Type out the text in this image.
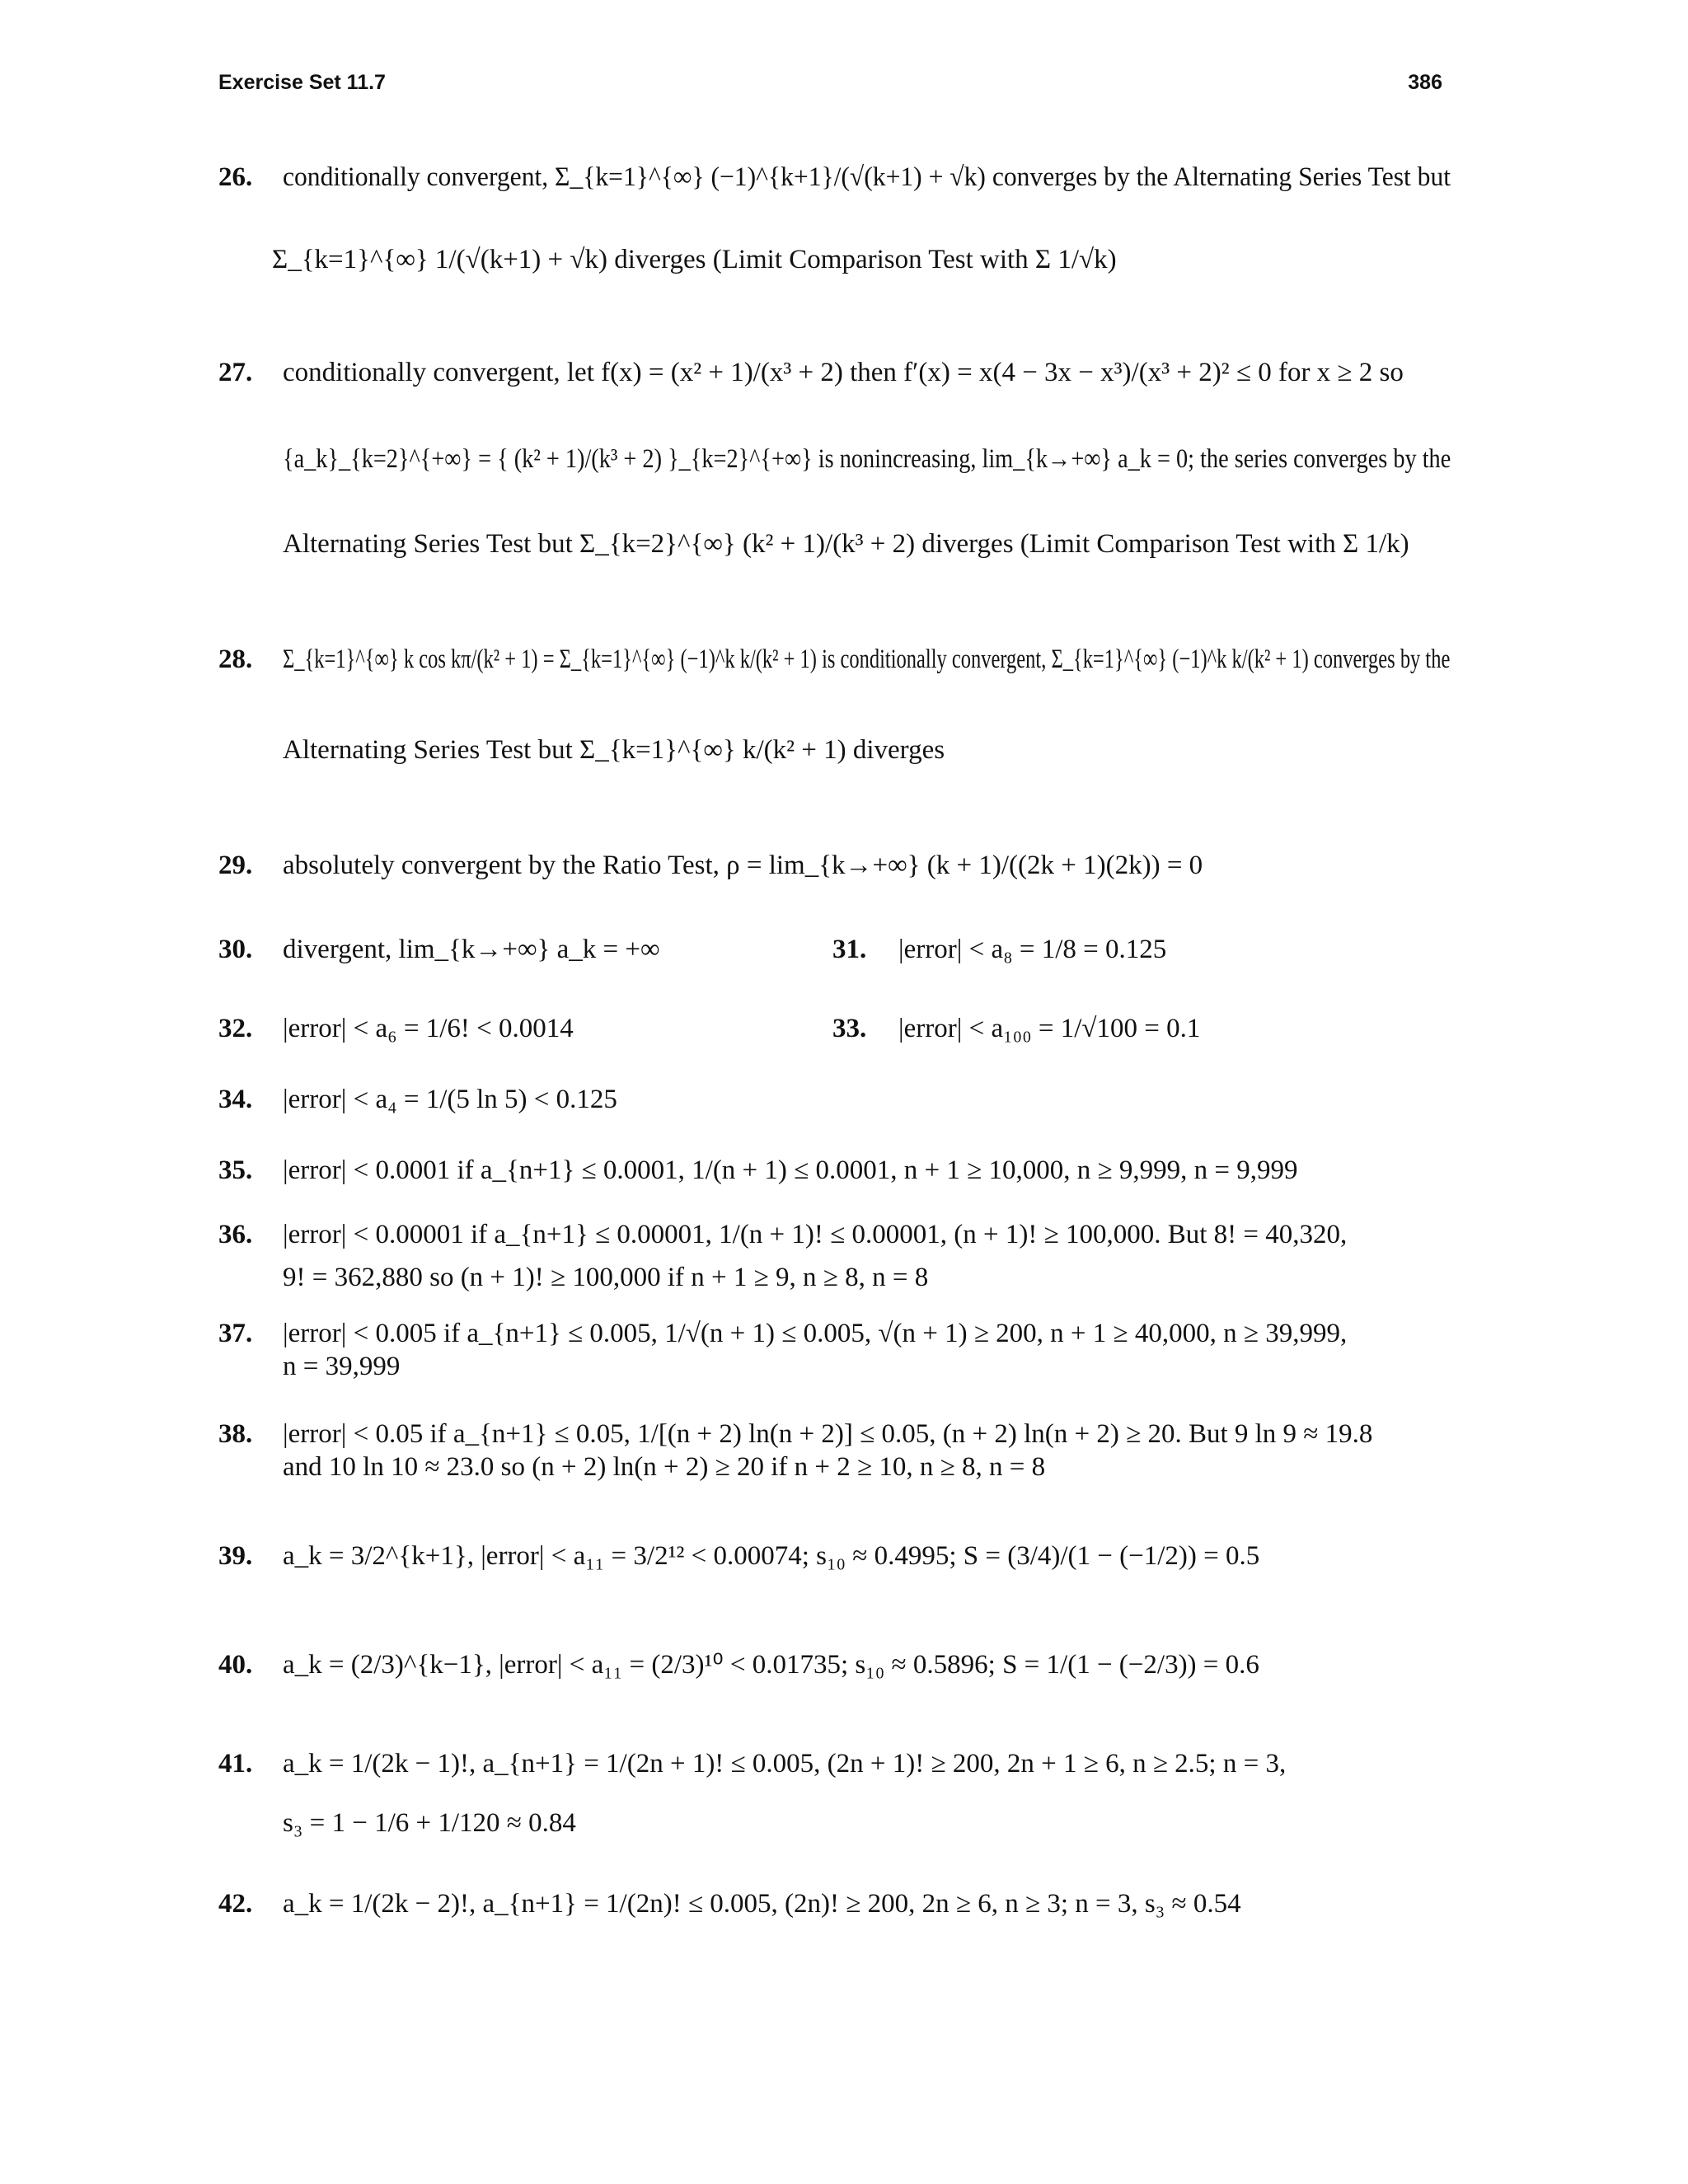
Exercise Set 11.7	386
26. conditionally convergent, Σ_{k=1}^{∞} (−1)^{k+1}/(√(k+1) + √k) converges by the Alternating Series Test but
Σ_{k=1}^{∞} 1/(√(k+1) + √k) diverges (Limit Comparison Test with Σ 1/√k)
27. conditionally convergent, let f(x) = (x² + 1)/(x³ + 2) then f′(x) = x(4 − 3x − x³)/(x³ + 2)² ≤ 0 for x ≥ 2 so
{a_k}_{k=2}^{+∞} = { (k² + 1)/(k³ + 2) }_{k=2}^{+∞} is nonincreasing, lim_{k→+∞} a_k = 0; the series converges by the
Alternating Series Test but Σ_{k=2}^{∞} (k² + 1)/(k³ + 2) diverges (Limit Comparison Test with Σ 1/k)
28. Σ_{k=1}^{∞} k cos kπ/(k² + 1) = Σ_{k=1}^{∞} (−1)^k k/(k² + 1) is conditionally convergent, Σ_{k=1}^{∞} (−1)^k k/(k² + 1) converges by the
Alternating Series Test but Σ_{k=1}^{∞} k/(k² + 1) diverges
29. absolutely convergent by the Ratio Test, ρ = lim_{k→+∞} (k + 1)/((2k + 1)(2k)) = 0
30. divergent, lim_{k→+∞} a_k = +∞	31. |error| < a₈ = 1/8 = 0.125
32. |error| < a₆ = 1/6! < 0.0014	33. |error| < a₁₀₀ = 1/√100 = 0.1
34. |error| < a₄ = 1/(5 ln 5) < 0.125
35. |error| < 0.0001 if a_{n+1} ≤ 0.0001, 1/(n + 1) ≤ 0.0001, n + 1 ≥ 10,000, n ≥ 9,999, n = 9,999
36. |error| < 0.00001 if a_{n+1} ≤ 0.00001, 1/(n + 1)! ≤ 0.00001, (n + 1)! ≥ 100,000. But 8! = 40,320,
9! = 362,880 so (n + 1)! ≥ 100,000 if n + 1 ≥ 9, n ≥ 8, n = 8
37. |error| < 0.005 if a_{n+1} ≤ 0.005, 1/√(n + 1) ≤ 0.005, √(n + 1) ≥ 200, n + 1 ≥ 40,000, n ≥ 39,999,
n = 39,999
38. |error| < 0.05 if a_{n+1} ≤ 0.05, 1/[(n + 2) ln(n + 2)] ≤ 0.05, (n + 2) ln(n + 2) ≥ 20. But 9 ln 9 ≈ 19.8
and 10 ln 10 ≈ 23.0 so (n + 2) ln(n + 2) ≥ 20 if n + 2 ≥ 10, n ≥ 8, n = 8
39. a_k = 3/2^{k+1}, |error| < a₁₁ = 3/2¹² < 0.00074; s₁₀ ≈ 0.4995; S = (3/4)/(1 − (−1/2)) = 0.5
40. a_k = (2/3)^{k−1}, |error| < a₁₁ = (2/3)¹⁰ < 0.01735; s₁₀ ≈ 0.5896; S = 1/(1 − (−2/3)) = 0.6
41. a_k = 1/(2k − 1)!, a_{n+1} = 1/(2n + 1)! ≤ 0.005, (2n + 1)! ≥ 200, 2n + 1 ≥ 6, n ≥ 2.5; n = 3,
s₃ = 1 − 1/6 + 1/120 ≈ 0.84
42. a_k = 1/(2k − 2)!, a_{n+1} = 1/(2n)! ≤ 0.005, (2n)! ≥ 200, 2n ≥ 6, n ≥ 3; n = 3, s₃ ≈ 0.54
